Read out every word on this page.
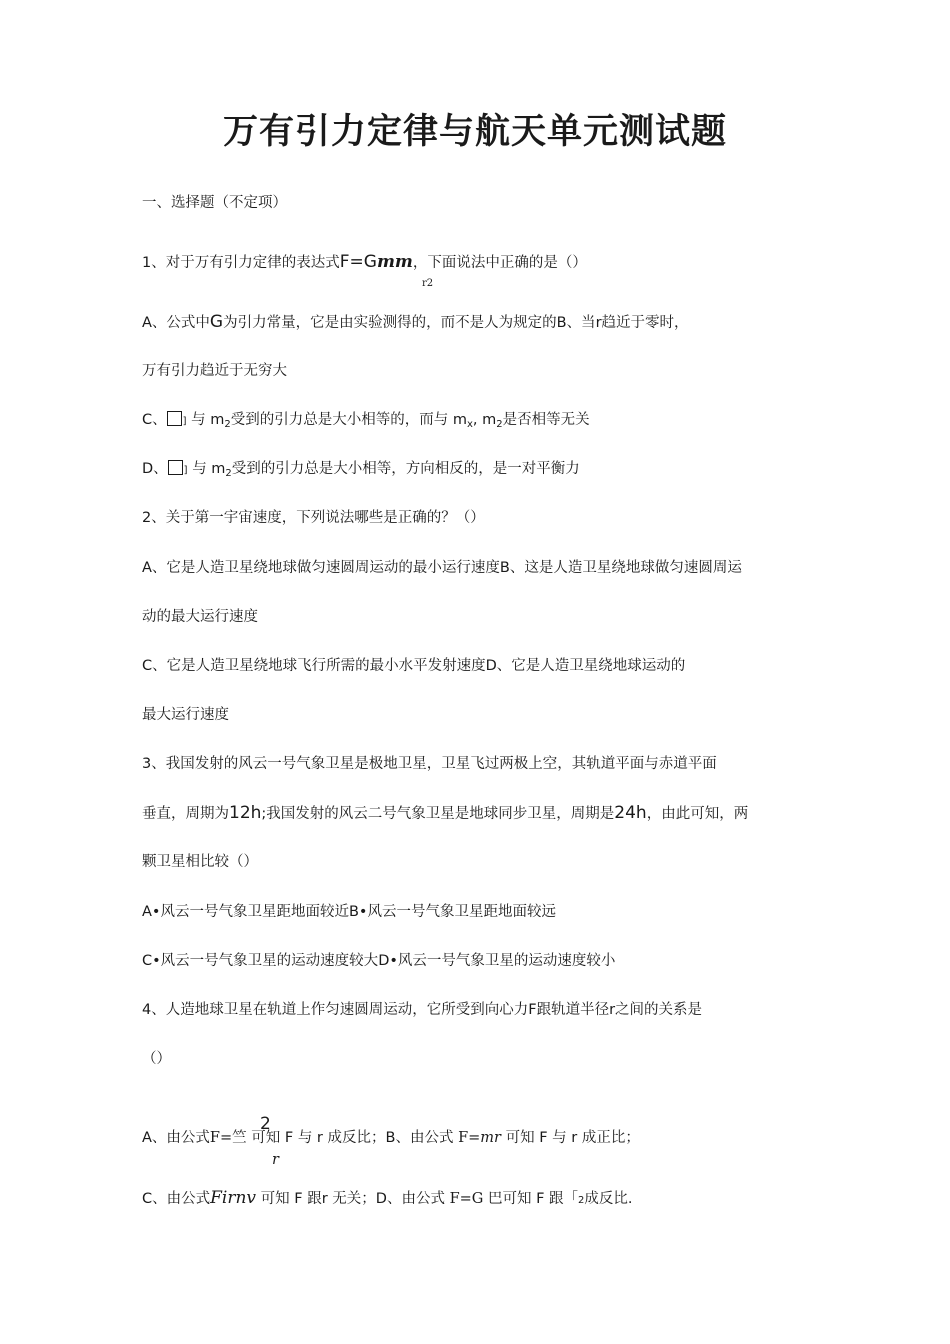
万有引力定律与航天单元测试题
一、选择题（不定项）
1、对于万有引力定律的表达式F=Gmm，下面说法中正确的是（）
r2
A、公式中G为引力常量，它是由实验测得的，而不是人为规定的B、当r趋近于零时，
万有引力趋近于无穷大
C、 ] 与 $m_2$受到的引力总是大小相等的，而与 $m_x$, $m_2$是否相等无关
D、 ] 与 $m_2$受到的引力总是大小相等，方向相反的，是一对平衡力
2、关于第一宇宙速度，下列说法哪些是正确的？（）
A、它是人造卫星绕地球做匀速圆周运动的最小运行速度B、这是人造卫星绕地球做匀速圆周运
动的最大运行速度
C、它是人造卫星绕地球飞行所需的最小水平发射速度D、它是人造卫星绕地球运动的
最大运行速度
3、我国发射的风云一号气象卫星是极地卫星，卫星飞过两极上空，其轨道平面与赤道平面
垂直，周期为12h;我国发射的风云二号气象卫星是地球同步卫星，周期是24h，由此可知，两
颗卫星相比较（）
A•风云一号气象卫星距地面较近B•风云一号气象卫星距地面较远
C•风云一号气象卫星的运动速度较大D•风云一号气象卫星的运动速度较小
4、人造地球卫星在轨道上作匀速圆周运动，它所受到向心力F跟轨道半径r之间的关系是
（）
2
A、由公式F=竺 可知 F 与 r 成反比；B、由公式 F=mr 可知 F 与 r 成正比；
r
C、由公式Firnv 可知 F 跟r 无关；D、由公式 F=G 巴可知 F 跟「2成反比.
